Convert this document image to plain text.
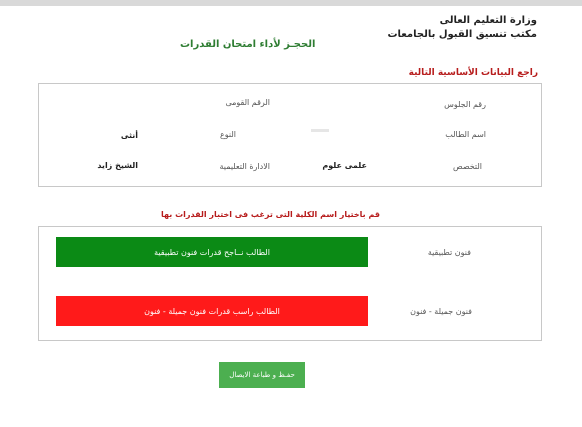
وزارة التعليم العالى
مكتب تنسيق القبول بالجامعات
الحجـز لأداء امتحان القدرات
راجع البيانات الأساسية التالية
رقم الجلوس
الرقم القومى
اسم الطالب
النوع
أنثى
التخصص
علمى علوم
الادارة التعليمية
الشيخ زايد
قم باختيار اسم الكلية التى ترغب فى اختبار القدرات بها
فنون تطبيقية
الطالب نــاجح قدرات فنون تطبيقية
فنون جميلة - فنون
الطالب راسب قدرات فنون جميلة - فنون
حفـظ و طباعة الايصال
